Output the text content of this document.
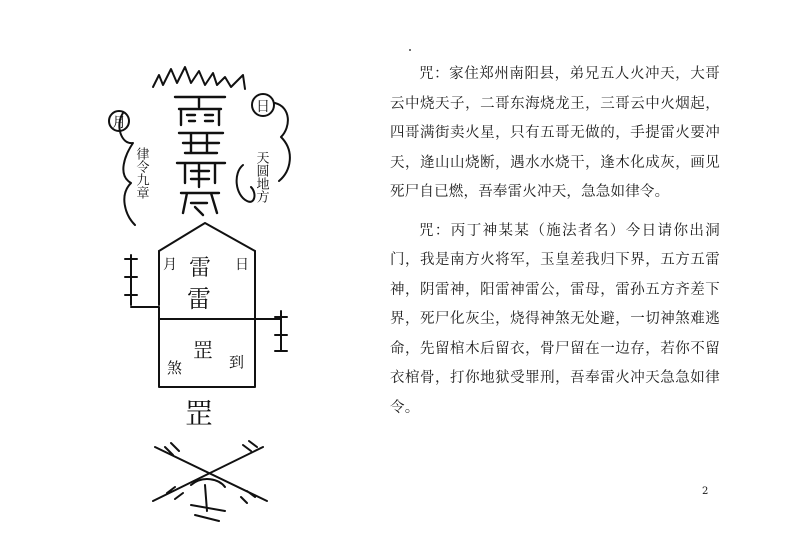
月
日
天圆地方
律令九章
月	日
雷
雷
煞
罡 到
罡

咒：家住郑州南阳县，弟兄五人火冲天，大哥云中烧天子，二哥东海烧龙王，三哥云中火烟起，四哥满街卖火星，只有五哥无做的，手提雷火要冲天，逄山山烧断，遇水水烧干，逢木化成灰，画见死尸自已燃，吾奉雷火冲天，急急如律令。

咒：丙丁神某某（施法者名）今日请你出洞门，我是南方火将军，玉皇差我归下界，五方五雷神，阴雷神，阳雷神雷公，雷母，雷孙五方齐差下界，死尸化灰尘，烧得神煞无处避，一切神煞难逃命，先留棺木后留衣，骨尸留在一边存，若你不留衣棺骨，打你地狱受罪刑，吾奉雷火冲天急急如律令。

2
